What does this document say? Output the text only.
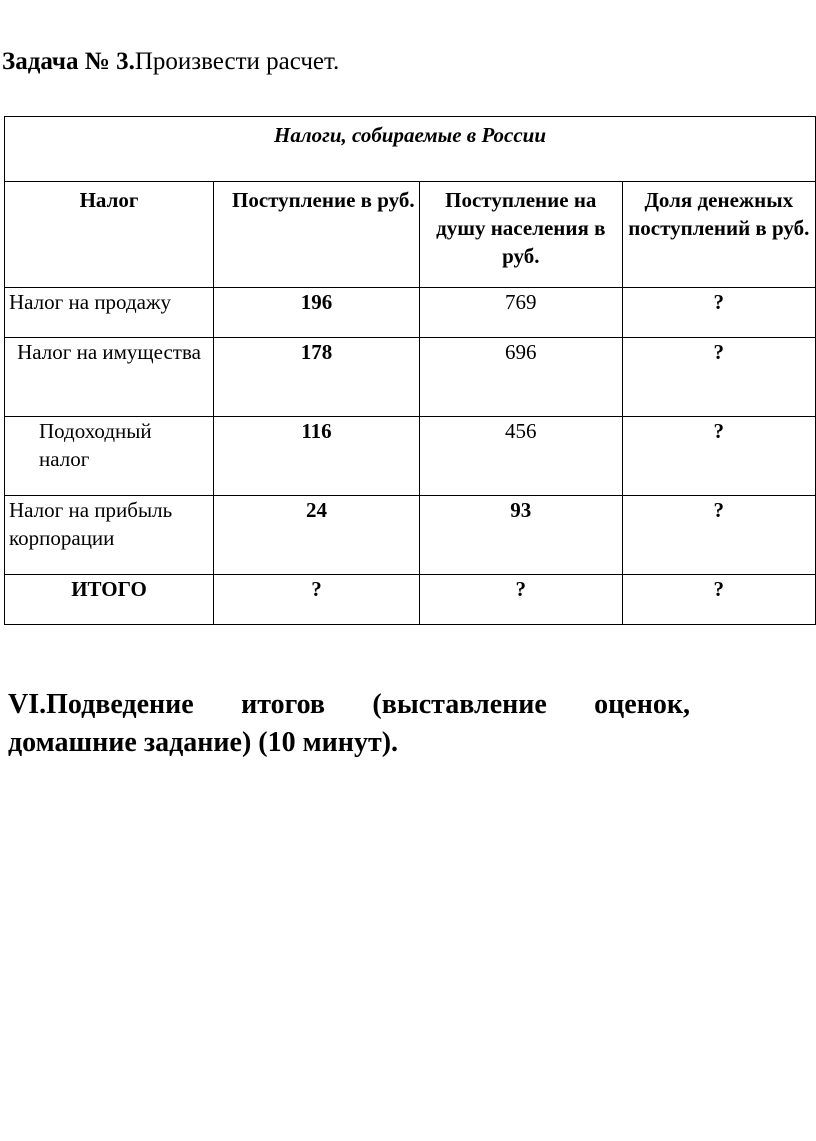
Задача № 3.Произвести расчет.
Налоги, собираемые в России			
Налог	Поступление в руб.	Поступление на душу населения в руб.	Доля денежных поступлений в руб.
Налог на продажу	196	769	?
Налог на имущества	178	696	?
Подоходный налог	116	456	?
Налог на прибыль корпорации	24	93	?
ИТОГО	?	?	?
VI.Подведение итогов (выставление оценок, домашние задание) (10 минут).
